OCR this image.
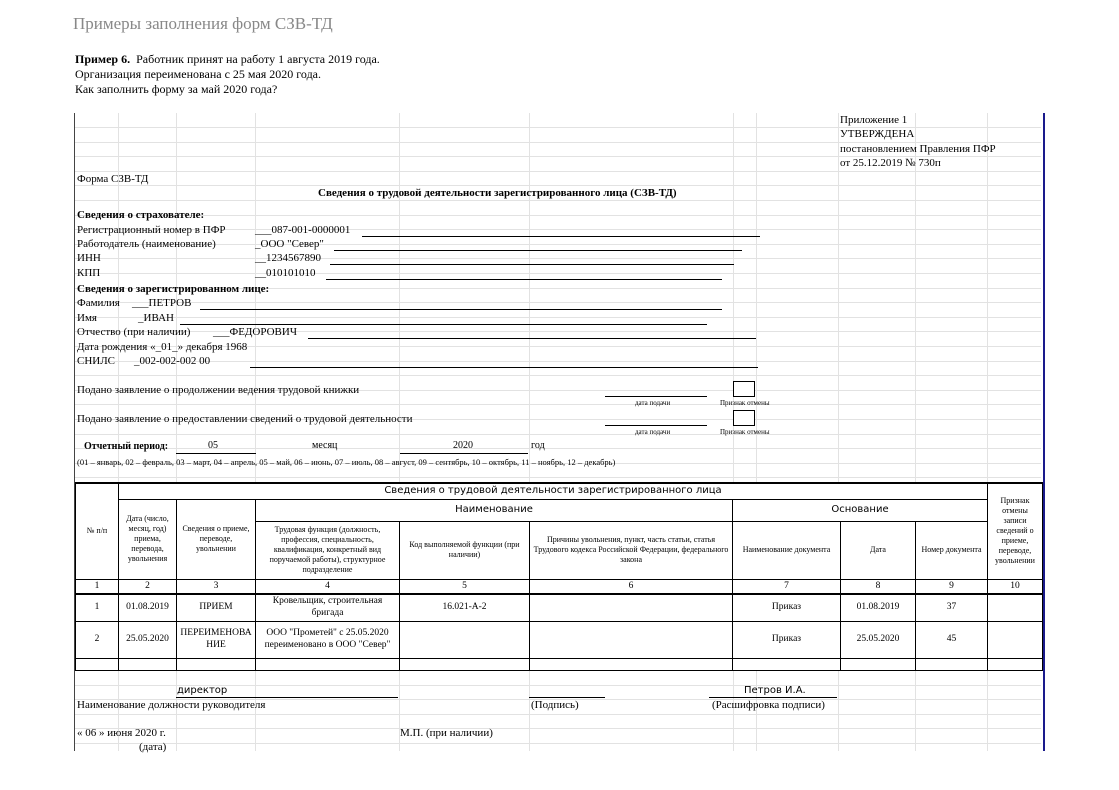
Примеры заполнения форм СЗВ-ТД
Пример 6. Работник принят на работу 1 августа 2019 года.
Организация переименована с 25 мая 2020 года.
Как заполнить форму за май 2020 года?
Приложение 1
УТВЕРЖДЕНА
постановлением Правления ПФР
от 25.12.2019 № 730п
Форма СЗВ-ТД
Сведения о трудовой деятельности зарегистрированного лица (СЗВ-ТД)
Сведения о страхователе:
Регистрационный номер в ПФР	___087-001-0000001
Работодатель (наименование)	_ООО "Север"
ИНН	__1234567890
КПП	__010101010
Сведения о зарегистрированном лице:
Фамилия ___ПЕТРОВ
Имя	_ИВАН
Отчество (при наличии) ___ФЕДОРОВИЧ
Дата рождения «_01_» декабря 1968
СНИЛС _002-002-002 00
Подано заявление о продолжении ведения трудовой книжки
дата подачи	Признак отмены
Подано заявление о предоставлении сведений о трудовой деятельности
дата подачи	Признак отмены
Отчетный период:	05	месяц	2020	год
(01 – январь, 02 – февраль, 03 – март, 04 – апрель, 05 – май, 06 – июнь, 07 – июль, 08 – август, 09 – сентябрь, 10 – октябрь, 11 – ноябрь, 12 – декабрь)
№ п/п	Сведения о трудовой деятельности зарегистрированного лица								Признак отмены записи сведений о приеме, переводе, увольнении
	Дата (число, месяц, год) приема, перевода, увольнения	Сведения о приеме, переводе, увольнении	Наименование			Основание			
			Трудовая функция (должность, профессия, специальность, квалификация, конкретный вид поручаемой работы), структурное подразделение	Код выполняемой функции (при наличии)	Причины увольнения, пункт, часть статьи, статья Трудового кодекса Российской Федерации, федерального закона	Наименование документа	Дата	Номер документа	
1	2	3	4	5	6	7	8	9	10
1	01.08.2019	ПРИЕМ	Кровельщик, строительная бригада	16.021-А-2		Приказ	01.08.2019	37	
2	25.05.2020	ПЕРЕИМЕНОВАНИЕ	ООО "Прометей" с 25.05.2020 переименовано в ООО "Север"			Приказ	25.05.2020	45	

директор
Наименование должности руководителя	(Подпись)
Петров И.А.
(Расшифровка подписи)
« 06 » июня 2020 г.
(дата)
М.П. (при наличии)
